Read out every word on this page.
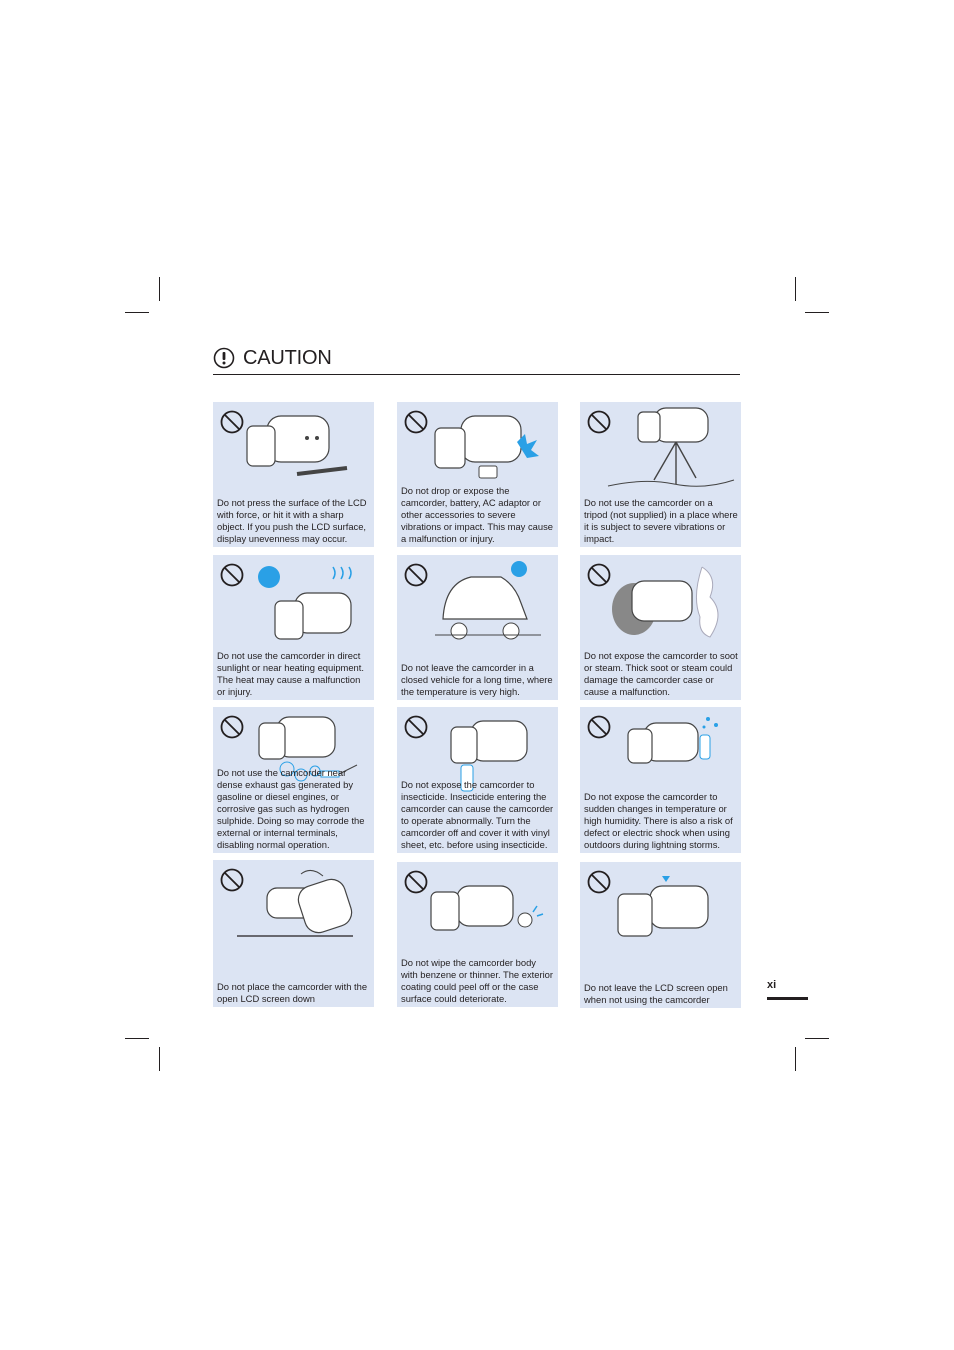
CAUTION
Do not press the surface of the LCD with force, or hit it with a sharp object. If you push the LCD surface, display unevenness may occur.
Do not drop or expose the camcorder, battery, AC adaptor or other accessories to severe vibrations or impact. This may cause a malfunction or injury.
Do not use the camcorder on a tripod (not supplied) in a place where it is subject to severe vibrations or impact.
Do not use the camcorder in direct sunlight or near heating equipment. The heat may cause a malfunction or injury.
Do not leave the camcorder in a closed vehicle for a long time, where the temperature is very high.
Do not expose the camcorder to soot or steam. Thick soot or steam could damage the camcorder case or cause a malfunction.
Do not use the camcorder near dense exhaust gas generated by gasoline or diesel engines, or corrosive gas such as hydrogen sulphide. Doing so may corrode the external or internal terminals, disabling normal operation.
Do not expose the camcorder to insecticide. Insecticide entering the camcorder can cause the camcorder to operate abnormally. Turn the camcorder off and cover it with vinyl sheet, etc. before using insecticide.
Do not expose the camcorder to sudden changes in temperature or high humidity. There is also a risk of defect or electric shock when using outdoors during lightning storms.
Do not place the camcorder with the open LCD screen down
Do not wipe the camcorder body with benzene or thinner. The exterior coating could peel off or the case surface could deteriorate.
Do not leave the LCD screen open when not using the camcorder
xi
